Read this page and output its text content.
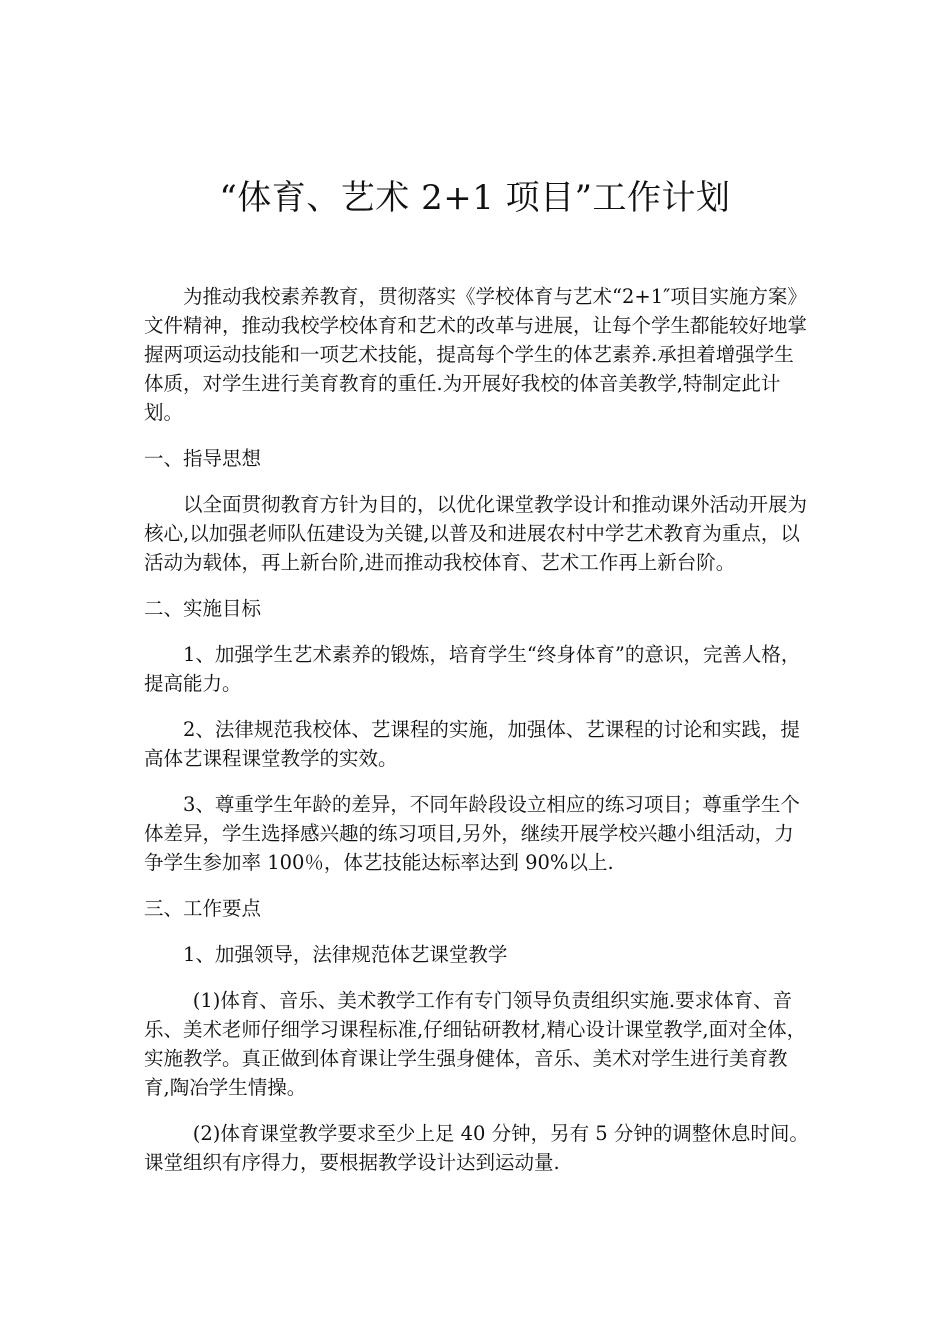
“体育、艺术 2+1 项目”工作计划

为推动我校素养教育，贯彻落实《学校体育与艺术“2+1″项目实施方案》文件精神，推动我校学校体育和艺术的改革与进展，让每个学生都能较好地掌握两项运动技能和一项艺术技能，提高每个学生的体艺素养.承担着增强学生体质，对学生进行美育教育的重任.为开展好我校的体音美教学,特制定此计划。

一、指导思想

以全面贯彻教育方针为目的，以优化课堂教学设计和推动课外活动开展为核心,以加强老师队伍建设为关键,以普及和进展农村中学艺术教育为重点，以活动为载体，再上新台阶,进而推动我校体育、艺术工作再上新台阶。

二、实施目标

1、加强学生艺术素养的锻炼，培育学生“终身体育”的意识，完善人格，提高能力。

2、法律规范我校体、艺课程的实施，加强体、艺课程的讨论和实践，提高体艺课程课堂教学的实效。

3、尊重学生年龄的差异，不同年龄段设立相应的练习项目；尊重学生个体差异，学生选择感兴趣的练习项目,另外，继续开展学校兴趣小组活动，力争学生参加率 100％，体艺技能达标率达到 90%以上.

三、工作要点

1、加强领导，法律规范体艺课堂教学

(1)体育、音乐、美术教学工作有专门领导负责组织实施.要求体育、音乐、美术老师仔细学习课程标准,仔细钻研教材,精心设计课堂教学,面对全体，实施教学。真正做到体育课让学生强身健体，音乐、美术对学生进行美育教育,陶冶学生情操。

(2)体育课堂教学要求至少上足 40 分钟，另有 5 分钟的调整休息时间。课堂组织有序得力，要根据教学设计达到运动量.
